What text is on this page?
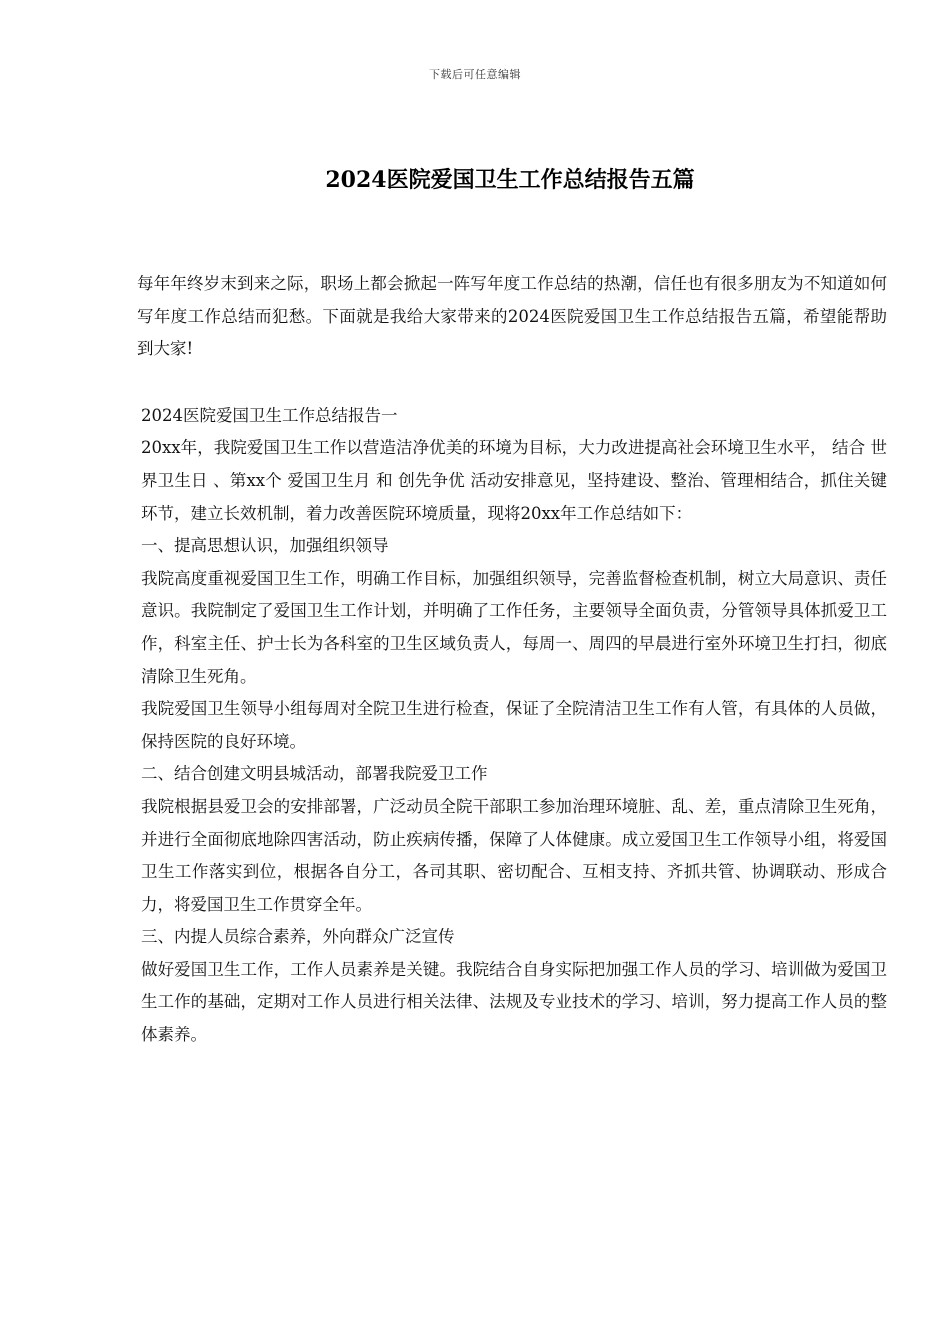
下载后可任意编辑
2024医院爱国卫生工作总结报告五篇

每年年终岁末到来之际，职场上都会掀起一阵写年度工作总结的热潮，信任也有很多朋友为不知道如何写年度工作总结而犯愁。下面就是我给大家带来的2024医院爱国卫生工作总结报告五篇，希望能帮助到大家!

2024医院爱国卫生工作总结报告一

20xx年，我院爱国卫生工作以营造洁净优美的环境为目标，大力改进提高社会环境卫生水平， 结合 世界卫生日 、第xx个 爱国卫生月 和 创先争优 活动安排意见，坚持建设、整治、管理相结合，抓住关键环节，建立长效机制，着力改善医院环境质量，现将20xx年工作总结如下：

一、提高思想认识，加强组织领导

我院高度重视爱国卫生工作，明确工作目标，加强组织领导，完善监督检查机制，树立大局意识、责任意识。我院制定了爱国卫生工作计划，并明确了工作任务，主要领导全面负责，分管领导具体抓爱卫工作，科室主任、护士长为各科室的卫生区域负责人，每周一、周四的早晨进行室外环境卫生打扫，彻底清除卫生死角。

我院爱国卫生领导小组每周对全院卫生进行检查，保证了全院清洁卫生工作有人管，有具体的人员做，保持医院的良好环境。

二、结合创建文明县城活动，部署我院爱卫工作

我院根据县爱卫会的安排部署，广泛动员全院干部职工参加治理环境脏、乱、差，重点清除卫生死角，并进行全面彻底地除四害活动，防止疾病传播，保障了人体健康。成立爱国卫生工作领导小组，将爱国卫生工作落实到位，根据各自分工，各司其职、密切配合、互相支持、齐抓共管、协调联动、形成合力，将爱国卫生工作贯穿全年。

三、内提人员综合素养，外向群众广泛宣传

做好爱国卫生工作，工作人员素养是关键。我院结合自身实际把加强工作人员的学习、培训做为爱国卫生工作的基础，定期对工作人员进行相关法律、法规及专业技术的学习、培训，努力提高工作人员的整体素养。
